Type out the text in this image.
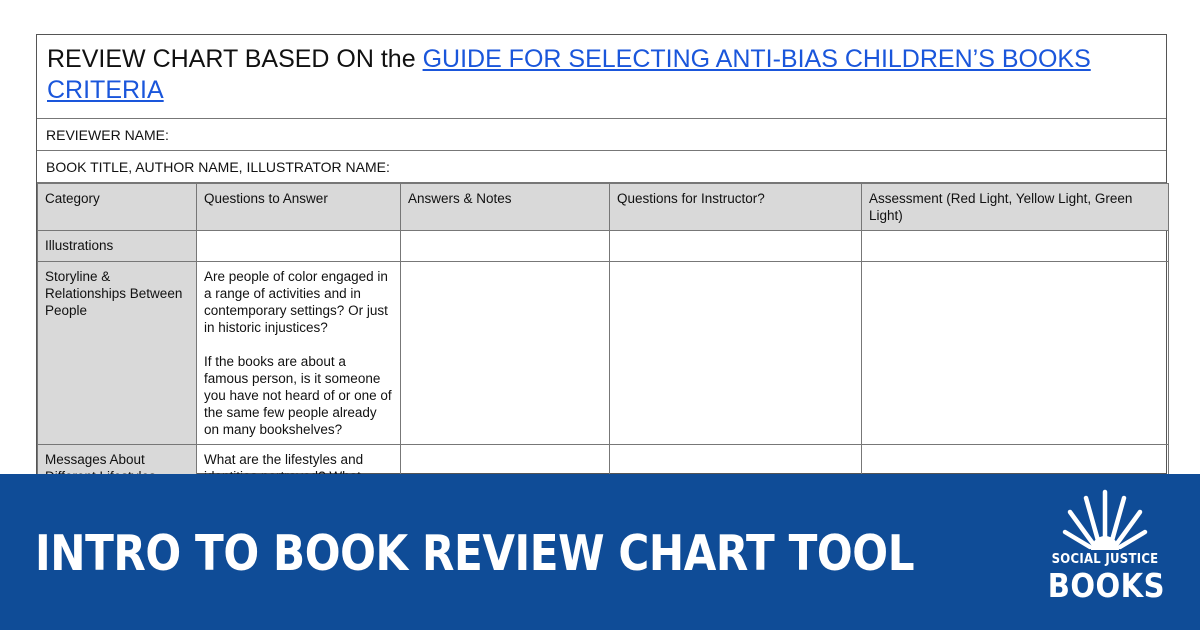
REVIEW CHART BASED ON the GUIDE FOR SELECTING ANTI-BIAS CHILDREN’S BOOKS CRITERIA
REVIEWER NAME:
BOOK TITLE, AUTHOR NAME, ILLUSTRATOR NAME:
Category	Questions to Answer	Answers & Notes	Questions for Instructor?	Assessment (Red Light, Yellow Light, Green Light)
Illustrations				
Storyline & Relationships Between People	Are people of color engaged in a range of activities and in contemporary settings? Or just in historic injustices?

If the books are about a famous person, is it someone you have not heard of or one of the same few people already on many bookshelves?			
Messages About	What are the lifestyles and			
INTRO TO BOOK REVIEW CHART TOOL	SOCIAL JUSTICE
BOOKS
